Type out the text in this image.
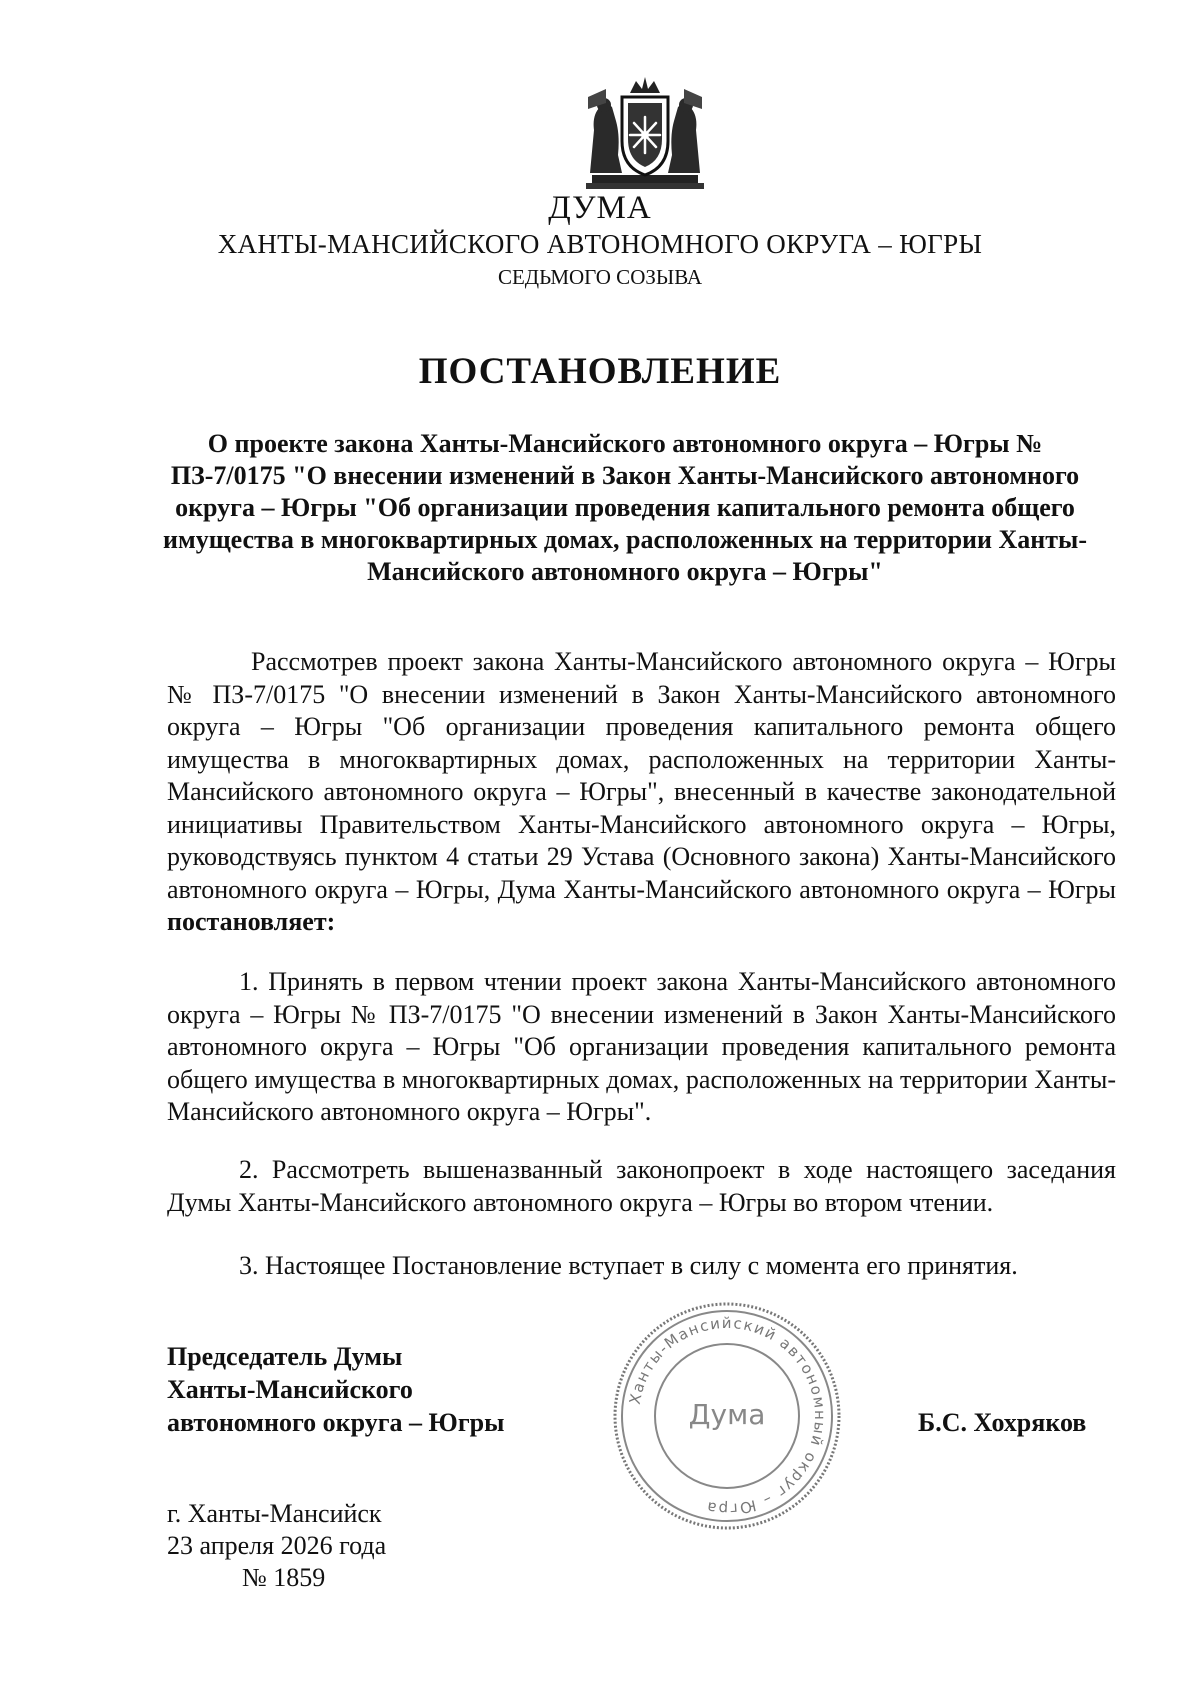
ДУМА
ХАНТЫ-МАНСИЙСКОГО АВТОНОМНОГО ОКРУГА – ЮГРЫ
СЕДЬМОГО СОЗЫВА
ПОСТАНОВЛЕНИЕ
О проекте закона Ханты-Мансийского автономного округа – Югры № ПЗ-7/0175 "О внесении изменений в Закон Ханты-Мансийского автономного округа – Югры "Об организации проведения капитального ремонта общего имущества в многоквартирных домах, расположенных на территории Ханты-Мансийского автономного округа – Югры"
Рассмотрев проект закона Ханты-Мансийского автономного округа – Югры № ПЗ-7/0175 "О внесении изменений в Закон Ханты-Мансийского автономного округа – Югры "Об организации проведения капитального ремонта общего имущества в многоквартирных домах, расположенных на территории Ханты-Мансийского автономного округа – Югры", внесенный в качестве законодательной инициативы Правительством Ханты-Мансийского автономного округа – Югры, руководствуясь пунктом 4 статьи 29 Устава (Основного закона) Ханты-Мансийского автономного округа – Югры, Дума Ханты-Мансийского автономного округа – Югры постановляет:
1. Принять в первом чтении проект закона Ханты-Мансийского автономного округа – Югры № ПЗ-7/0175 "О внесении изменений в Закон Ханты-Мансийского автономного округа – Югры "Об организации проведения капитального ремонта общего имущества в многоквартирных домах, расположенных на территории Ханты-Мансийского автономного округа – Югры".
2. Рассмотреть вышеназванный законопроект в ходе настоящего заседания Думы Ханты-Мансийского автономного округа – Югры во втором чтении.
3. Настоящее Постановление вступает в силу с момента его принятия.
Председатель Думы
Ханты-Мансийского
автономного округа – Югры
Ханты-Мансийский автономный округ – Югра
Дума	Б.С. Хохряков
г. Ханты-Мансийск
23 апреля 2026 года
№ 1859
